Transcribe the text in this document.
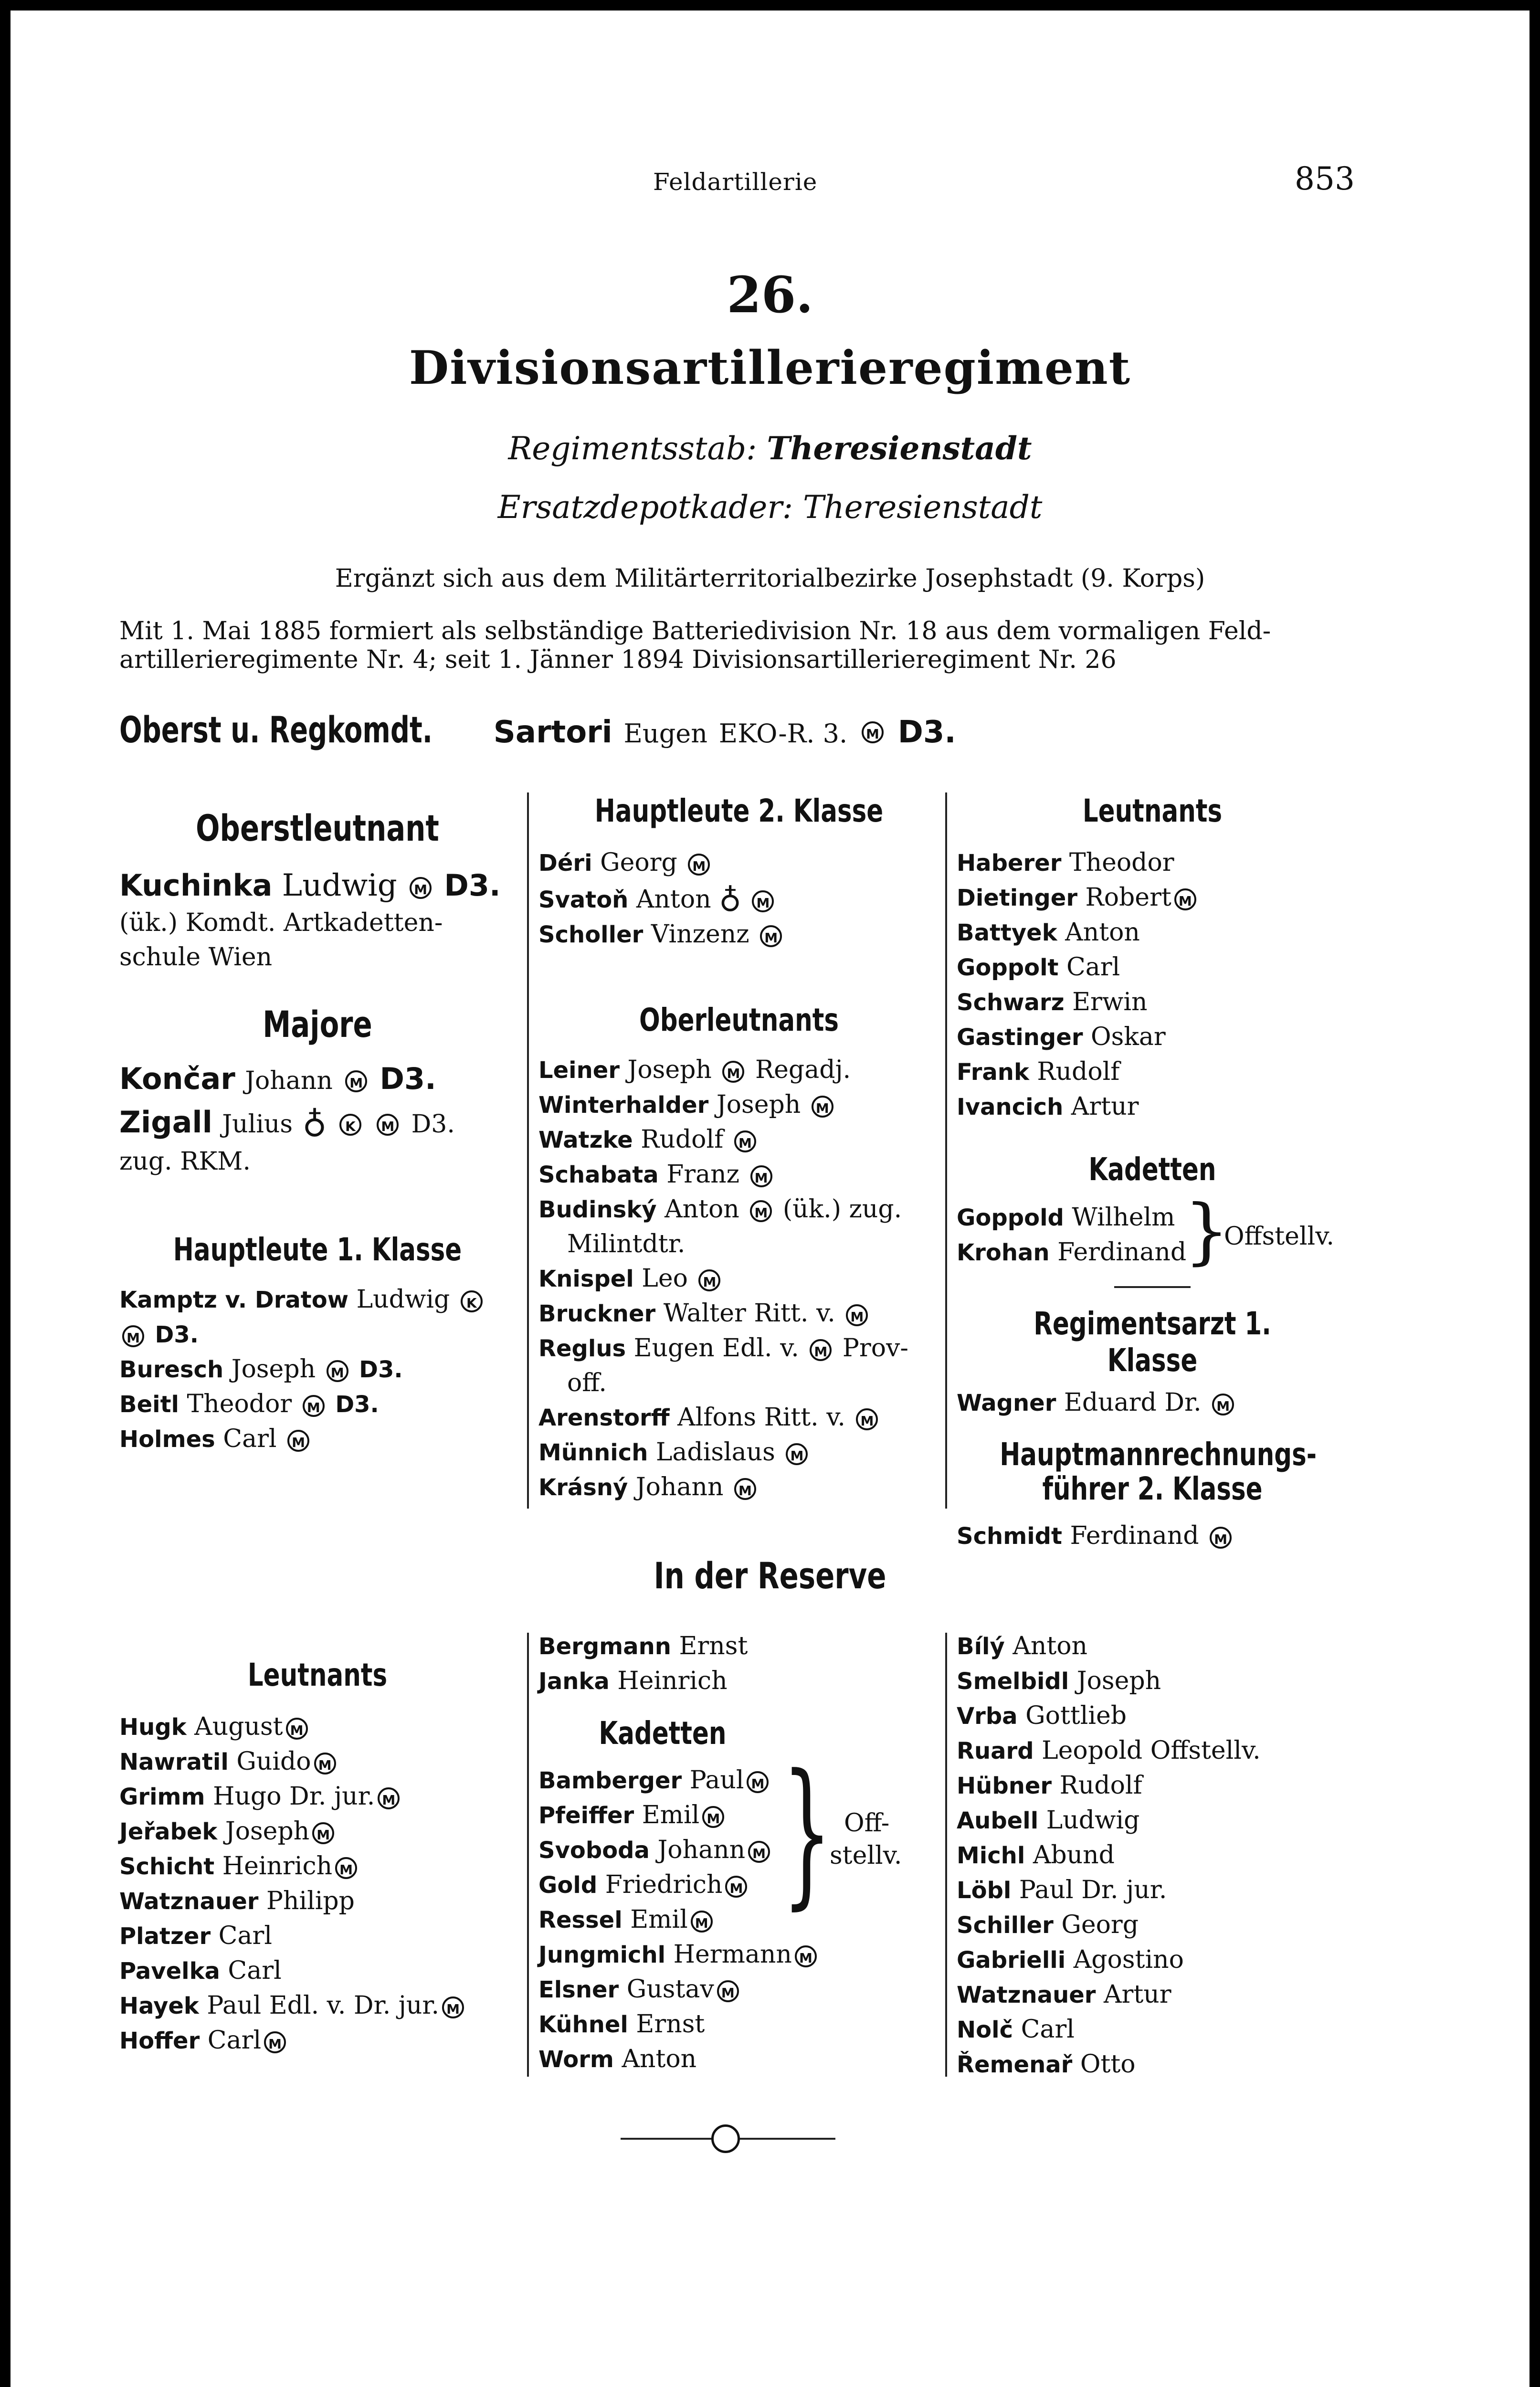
Feldartillerie	853
26.
Divisionsartillerieregiment
Regimentsstab: Theresienstadt
Ersatzdepotkader: Theresienstadt
Ergänzt sich aus dem Militärterritorialbezirke Josephstadt (9. Korps)
Mit 1. Mai 1885 formiert als selbständige Batteriedivision Nr. 18 aus dem vormaligen Feld-
artillerieregimente Nr. 4; seit 1. Jänner 1894 Divisionsartillerieregiment Nr. 26
Oberst u. Regkomdt. Sartori Eugen EKO-R. 3. M D3.
Oberstleutnant
Kuchinka Ludwig M D3.
(ük.) Komdt. Artkadetten-
schule Wien
Majore
Končar Johann M D3.
Zigall Julius ♁ K M D3.
zug. RKM.
Hauptleute 1. Klasse
Kamptz v. Dratow Ludwig K
M D3.
Buresch Joseph M D3.
Beitl Theodor M D3.
Holmes Carl M
Hauptleute 2. Klasse
Déri Georg M
Svatoň Anton ♁ M
Scholler Vinzenz M
Oberleutnants
Leiner Joseph M Regadj.
Winterhalder Joseph M
Watzke Rudolf M
Schabata Franz M
Budinský Anton M (ük.) zug.
Milintdtr.
Knispel Leo M
Bruckner Walter Ritt. v. M
Reglus Eugen Edl. v. M Prov-
off.
Arenstorff Alfons Ritt. v. M
Münnich Ladislaus M
Krásný Johann M
Leutnants
Haberer Theodor
Dietinger Robert M
Battyek Anton
Goppolt Carl
Schwarz Erwin
Gastinger Oskar
Frank Rudolf
Ivancich Artur
Kadetten
Goppold Wilhelm
Krohan Ferdinand
}
Offstellv.
Regimentsarzt 1. Klasse
Wagner Eduard Dr. M
Hauptmannrechnungs-
führer 2. Klasse
Schmidt Ferdinand M
In der Reserve
Leutnants
Hugk August M
Nawratil Guido M
Grimm Hugo Dr. jur. M
Jeřabek Joseph M
Schicht Heinrich M
Watznauer Philipp
Platzer Carl
Pavelka Carl
Hayek Paul Edl. v. Dr. jur. M
Hoffer Carl M
Bergmann Ernst
Janka Heinrich
Kadetten
Bamberger Paul M
Pfeiffer Emil M
Svoboda Johann M
Gold Friedrich M
Ressel Emil M } Off-
stellv.
Jungmichl Hermann M
Elsner Gustav M
Kühnel Ernst
Worm Anton
Bílý Anton
Smelbidl Joseph
Vrba Gottlieb
Ruard Leopold Offstellv.
Hübner Rudolf
Aubell Ludwig
Michl Abund
Löbl Paul Dr. jur.
Schiller Georg
Gabrielli Agostino
Watznauer Artur
Nolč Carl
Řemenař Otto
